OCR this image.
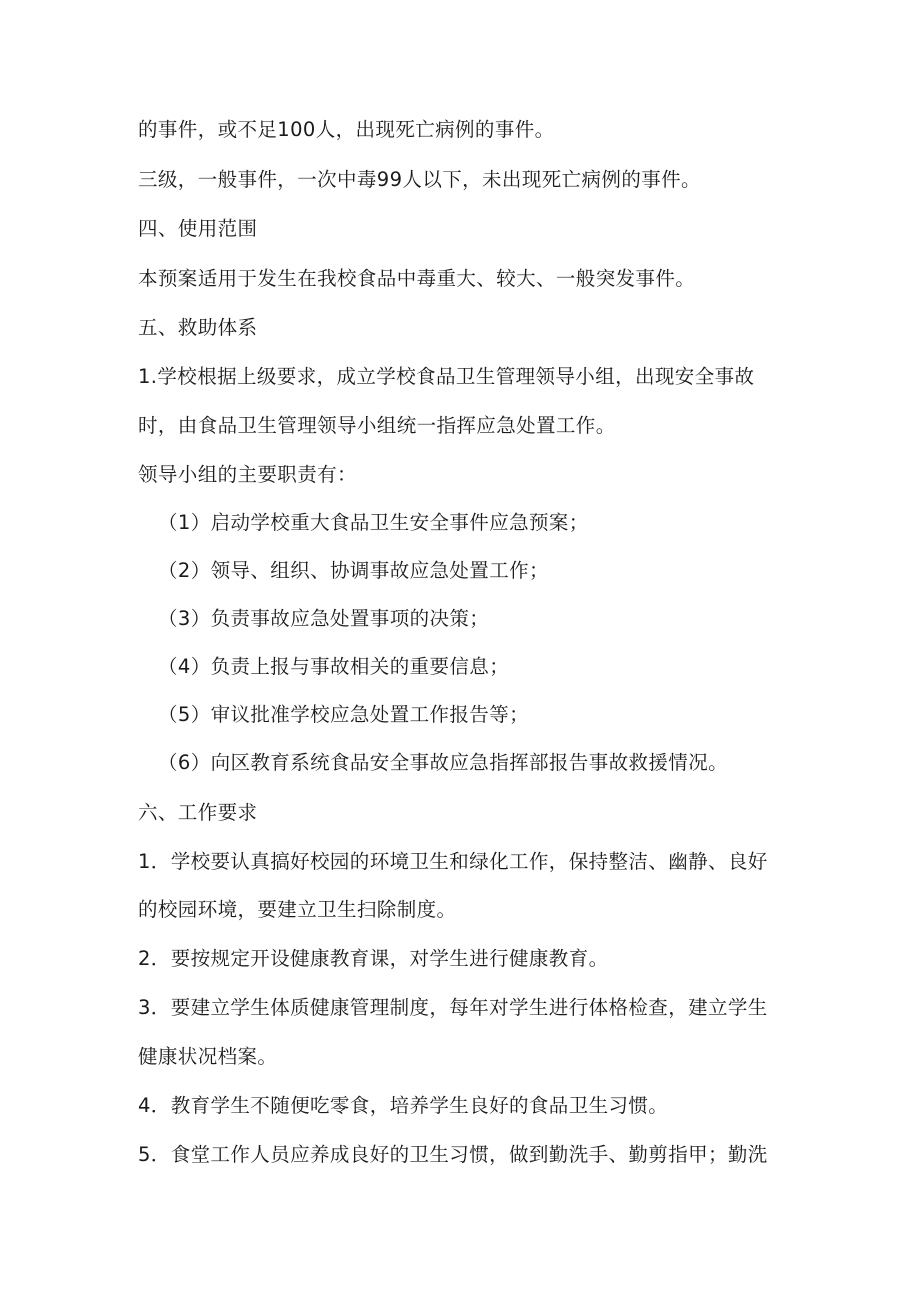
的事件，或不足100人，出现死亡病例的事件。
三级，一般事件，一次中毒99人以下，未出现死亡病例的事件。
四、使用范围
本预案适用于发生在我校食品中毒重大、较大、一般突发事件。
五、救助体系
1.学校根据上级要求，成立学校食品卫生管理领导小组，出现安全事故
时，由食品卫生管理领导小组统一指挥应急处置工作。
领导小组的主要职责有：
（1）启动学校重大食品卫生安全事件应急预案；
（2）领导、组织、协调事故应急处置工作；
（3）负责事故应急处置事项的决策；
（4）负责上报与事故相关的重要信息；
（5）审议批准学校应急处置工作报告等；
（6）向区教育系统食品安全事故应急指挥部报告事故救援情况。
六、工作要求
1．学校要认真搞好校园的环境卫生和绿化工作，保持整洁、幽静、良好
的校园环境，要建立卫生扫除制度。
2．要按规定开设健康教育课，对学生进行健康教育。
3．要建立学生体质健康管理制度，每年对学生进行体格检查，建立学生
健康状况档案。
4．教育学生不随便吃零食，培养学生良好的食品卫生习惯。
5．食堂工作人员应养成良好的卫生习惯，做到勤洗手、勤剪指甲；勤洗
